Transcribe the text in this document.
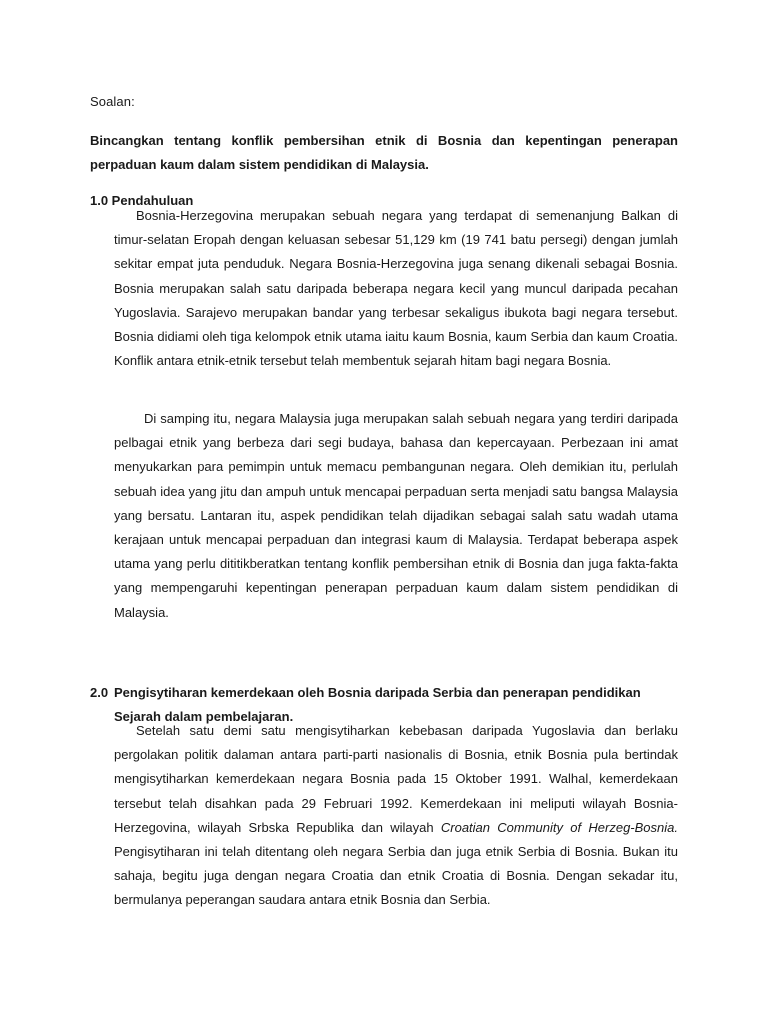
Soalan:
Bincangkan tentang konflik pembersihan etnik di Bosnia dan kepentingan penerapan perpaduan kaum dalam sistem pendidikan di Malaysia.
1.0 Pendahuluan

Bosnia-Herzegovina merupakan sebuah negara yang terdapat di semenanjung Balkan di timur-selatan Eropah dengan keluasan sebesar 51,129 km (19 741 batu persegi) dengan jumlah sekitar empat juta penduduk. Negara Bosnia-Herzegovina juga senang dikenali sebagai Bosnia. Bosnia merupakan salah satu daripada beberapa negara kecil yang muncul daripada pecahan Yugoslavia. Sarajevo merupakan bandar yang terbesar sekaligus ibukota bagi negara tersebut. Bosnia didiami oleh tiga kelompok etnik utama iaitu kaum Bosnia, kaum Serbia dan kaum Croatia. Konflik antara etnik-etnik tersebut telah membentuk sejarah hitam bagi negara Bosnia.

Di samping itu, negara Malaysia juga merupakan salah sebuah negara yang terdiri daripada pelbagai etnik yang berbeza dari segi budaya, bahasa dan kepercayaan. Perbezaan ini amat menyukarkan para pemimpin untuk memacu pembangunan negara. Oleh demikian itu, perlulah sebuah idea yang jitu dan ampuh untuk mencapai perpaduan serta menjadi satu bangsa Malaysia yang bersatu. Lantaran itu, aspek pendidikan telah dijadikan sebagai salah satu wadah utama kerajaan untuk mencapai perpaduan dan integrasi kaum di Malaysia. Terdapat beberapa aspek utama yang perlu dititikberatkan tentang konflik pembersihan etnik di Bosnia dan juga fakta-fakta yang mempengaruhi kepentingan penerapan perpaduan kaum dalam sistem pendidikan di Malaysia.

2.0 Pengisytiharan kemerdekaan oleh Bosnia daripada Serbia dan penerapan pendidikan
Sejarah dalam pembelajaran.

Setelah satu demi satu mengisytiharkan kebebasan daripada Yugoslavia dan berlaku pergolakan politik dalaman antara parti-parti nasionalis di Bosnia, etnik Bosnia pula bertindak mengisytiharkan kemerdekaan negara Bosnia pada 15 Oktober 1991. Walhal, kemerdekaan tersebut telah disahkan pada 29 Februari 1992. Kemerdekaan ini meliputi wilayah Bosnia-Herzegovina, wilayah Srbska Republika dan wilayah Croatian Community of Herzeg-Bosnia. Pengisytiharan ini telah ditentang oleh negara Serbia dan juga etnik Serbia di Bosnia. Bukan itu sahaja, begitu juga dengan negara Croatia dan etnik Croatia di Bosnia. Dengan sekadar itu, bermulanya peperangan saudara antara etnik Bosnia dan Serbia.
